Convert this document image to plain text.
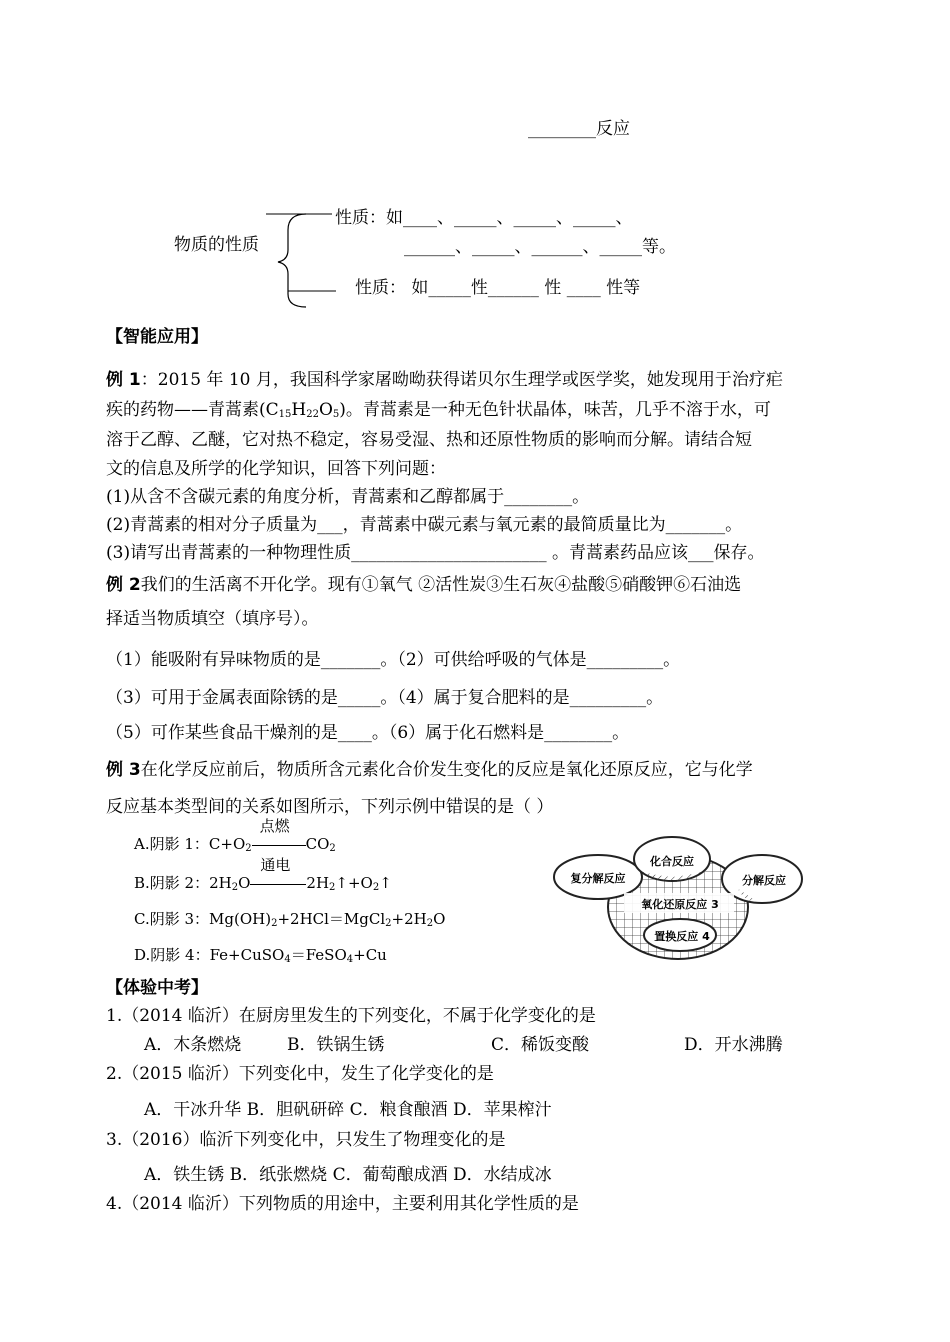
________反应
物质的性质
性质：如____、_____、_____、_____、
______、_____、______、_____等。
性质： 如_____性______ 性 ____ 性等
【智能应用】
例 1：2015 年 10 月，我国科学家屠呦呦获得诺贝尔生理学或医学奖，她发现用于治疗疟
疾的药物——青蒿素$(C_{15}H_{22}O_5)$。青蒿素是一种无色针状晶体，味苦，几乎不溶于水，可
溶于乙醇、乙醚，它对热不稳定，容易受湿、热和还原性物质的影响而分解。请结合短
文的信息及所学的化学知识，回答下列问题：
(1)从含不含碳元素的角度分析，青蒿素和乙醇都属于________。
(2)青蒿素的相对分子质量为___，青蒿素中碳元素与氧元素的最简质量比为_______。
(3)请写出青蒿素的一种物理性质_______________________ 。青蒿素药品应该___保存。
例 2我们的生活离不开化学。现有①氧气 ②活性炭③生石灰④盐酸⑤硝酸钾⑥石油选
择适当物质填空（填序号）。
（1）能吸附有异味物质的是_______。（2）可供给呼吸的气体是_________。
（3）可用于金属表面除锈的是_____。（4）属于复合肥料的是_________。
（5）可作某些食品干燥剂的是____。（6）属于化石燃料是________。
例 3在化学反应前后，物质所含元素化合价发生变化的反应是氧化还原反应，它与化学
反应基本类型间的关系如图所示，下列示例中错误的是（ ）
A.阴影 1：$C+O_2$
点燃
$CO_2$
B.阴影 2：$2H_2O$
通电
$2H_2↑+O_2↑$
C.阴影 3：$Mg(OH)_2+2HCl=MgCl_2+2H_2O$
D.阴影 4：Fe+CuSO$_4$＝FeSO$_4$+Cu
化合反应
复分解反应	分解反应
氧化还原反应 3
置换反应 4
【体验中考】
1.（2014 临沂）在厨房里发生的下列变化，不属于化学变化的是
A．木条燃烧	B．铁锅生锈	C．稀饭变酸	D．开水沸腾
2.（2015 临沂）下列变化中，发生了化学变化的是
A．干冰升华 B．胆矾研碎 C．粮食酿酒 D．苹果榨汁
3.（2016）临沂下列变化中，只发生了物理变化的是
A．铁生锈 B．纸张燃烧 C．葡萄酿成酒 D．水结成冰
4.（2014 临沂）下列物质的用途中，主要利用其化学性质的是
